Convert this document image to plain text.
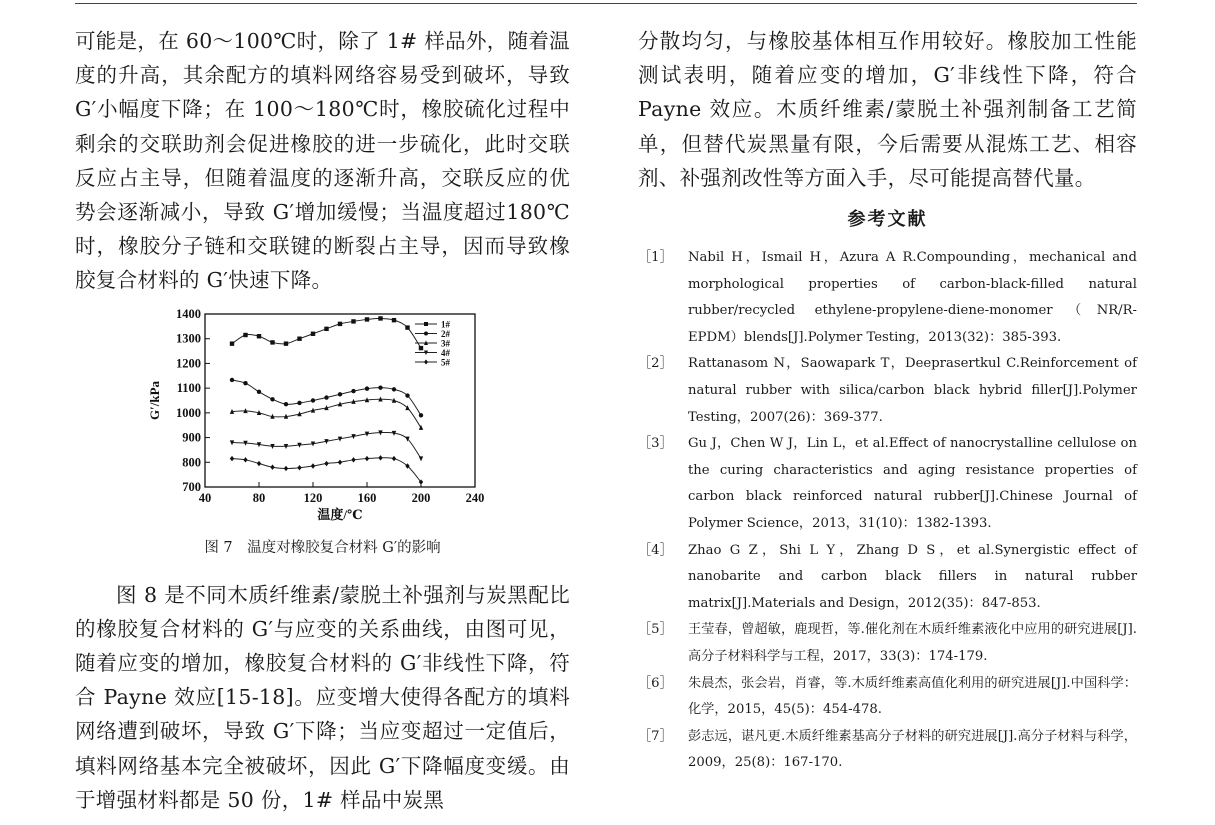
可能是，在 60～100℃时，除了 1# 样品外，随着温度的升高，其余配方的填料网络容易受到破坏，导致 G′小幅度下降；在 100～180℃时，橡胶硫化过程中剩余的交联助剂会促进橡胶的进一步硫化，此时交联反应占主导，但随着温度的逐渐升高，交联反应的优势会逐渐减小，导致 G′增加缓慢；当温度超过180℃时，橡胶分子链和交联键的断裂占主导，因而导致橡胶复合材料的 G′快速下降。

40	80	120	160	200	240
700
800
900
1000
1100
1200
1300
1400
温度/℃
G′/kPa
1#
2#
3#
4#
5#
图 7　温度对橡胶复合材料 G′的影响

图 8 是不同木质纤维素/蒙脱土补强剂与炭黑配比的橡胶复合材料的 G′与应变的关系曲线，由图可见，随着应变的增加，橡胶复合材料的 G′非线性下降，符合 Payne 效应[15-18]。应变增大使得各配方的填料网络遭到破坏，导致 G′下降；当应变超过一定值后，填料网络基本完全被破坏，因此 G′下降幅度变缓。由于增强材料都是 50 份，1# 样品中炭黑

分散均匀，与橡胶基体相互作用较好。橡胶加工性能测试表明，随着应变的增加，G′非线性下降，符合 Payne 效应。木质纤维素/蒙脱土补强剂制备工艺简单，但替代炭黑量有限，今后需要从混炼工艺、相容剂、补强剂改性等方面入手，尽可能提高替代量。

参考文献
［1］	Nabil H，Ismail H，Azura A R.Compounding，mechanical and morphological properties of carbon-black-filled natural rubber/recycled ethylene-propylene-diene-monomer（NR/R-EPDM）blends[J].Polymer Testing，2013(32)：385-393.
［2］	Rattanasom N，Saowapark T，Deeprasertkul C.Reinforcement of natural rubber with silica/carbon black hybrid filler[J].Polymer Testing，2007(26)：369-377.
［3］	Gu J，Chen W J，Lin L，et al.Effect of nanocrystalline cellulose on the curing characteristics and aging resistance properties of carbon black reinforced natural rubber[J].Chinese Journal of Polymer Science，2013，31(10)：1382-1393.
［4］	Zhao G Z，Shi L Y，Zhang D S，et al.Synergistic effect of nanobarite and carbon black fillers in natural rubber matrix[J].Materials and Design，2012(35)：847-853.
［5］	王莹春，曾超敏，鹿现哲，等.催化剂在木质纤维素液化中应用的研究进展[J].高分子材料科学与工程，2017，33(3)：174-179.
［6］	朱晨杰，张会岩，肖睿，等.木质纤维素高值化利用的研究进展[J].中国科学：化学，2015，45(5)：454-478.
［7］	彭志远，谌凡更.木质纤维素基高分子材料的研究进展[J].高分子材料与科学，2009，25(8)：167-170.
